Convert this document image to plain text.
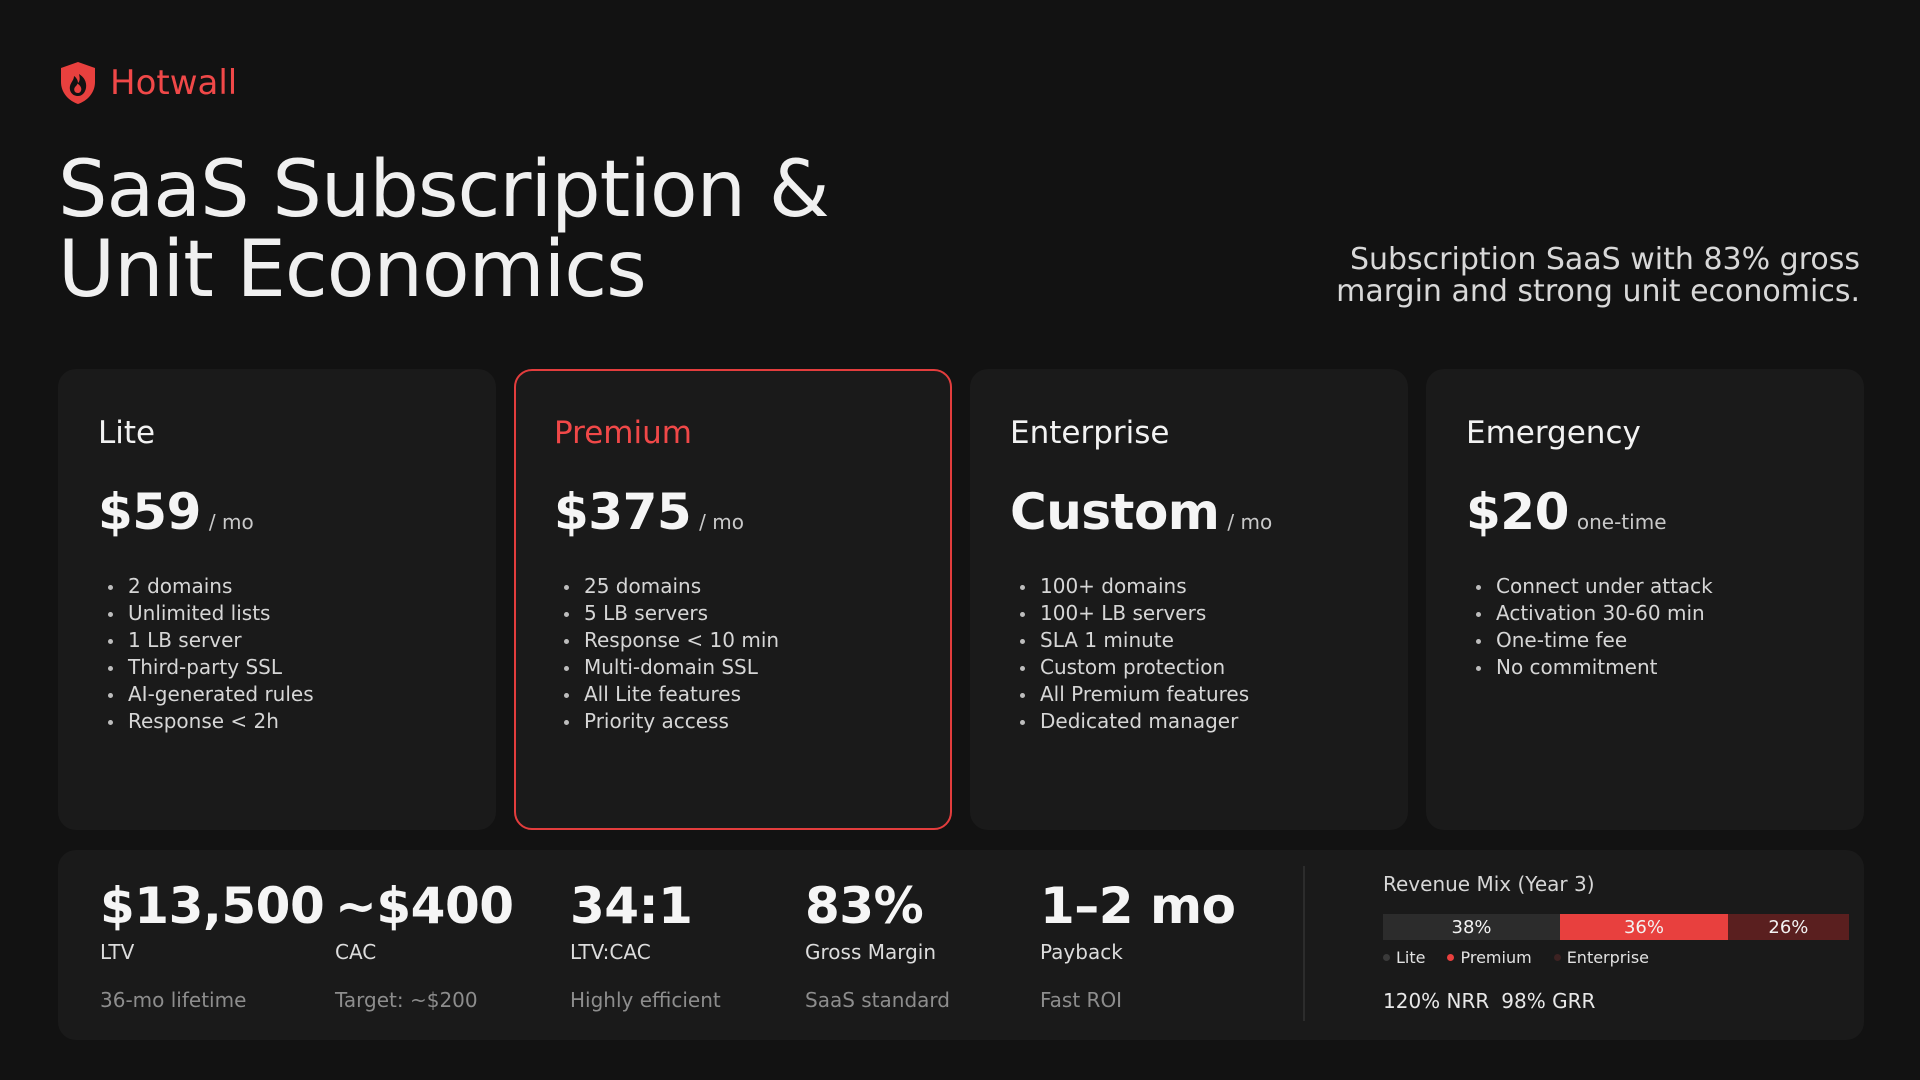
Hotwall
SaaS Subscription &
Unit Economics	Subscription SaaS with 83% gross margin and strong unit economics.
Lite
$59 / mo
2 domains
Unlimited lists
1 LB server
Third-party SSL
AI-generated rules
Response < 2h
Premium
$375 / mo
25 domains
5 LB servers
Response < 10 min
Multi-domain SSL
All Lite features
Priority access
Enterprise
Custom / mo
100+ domains
100+ LB servers
SLA 1 minute
Custom protection
All Premium features
Dedicated manager
Emergency
$20 one-time
Connect under attack
Activation 30-60 min
One-time fee
No commitment
$13,500
LTV
36-mo lifetime
~$400
CAC
Target: ~$200
34:1
LTV:CAC
Highly efficient
83%
Gross Margin
SaaS standard
1–2 mo
Payback
Fast ROI
Revenue Mix (Year 3)
38%	36%	26%
Lite Premium Enterprise
120% NRR 98% GRR
